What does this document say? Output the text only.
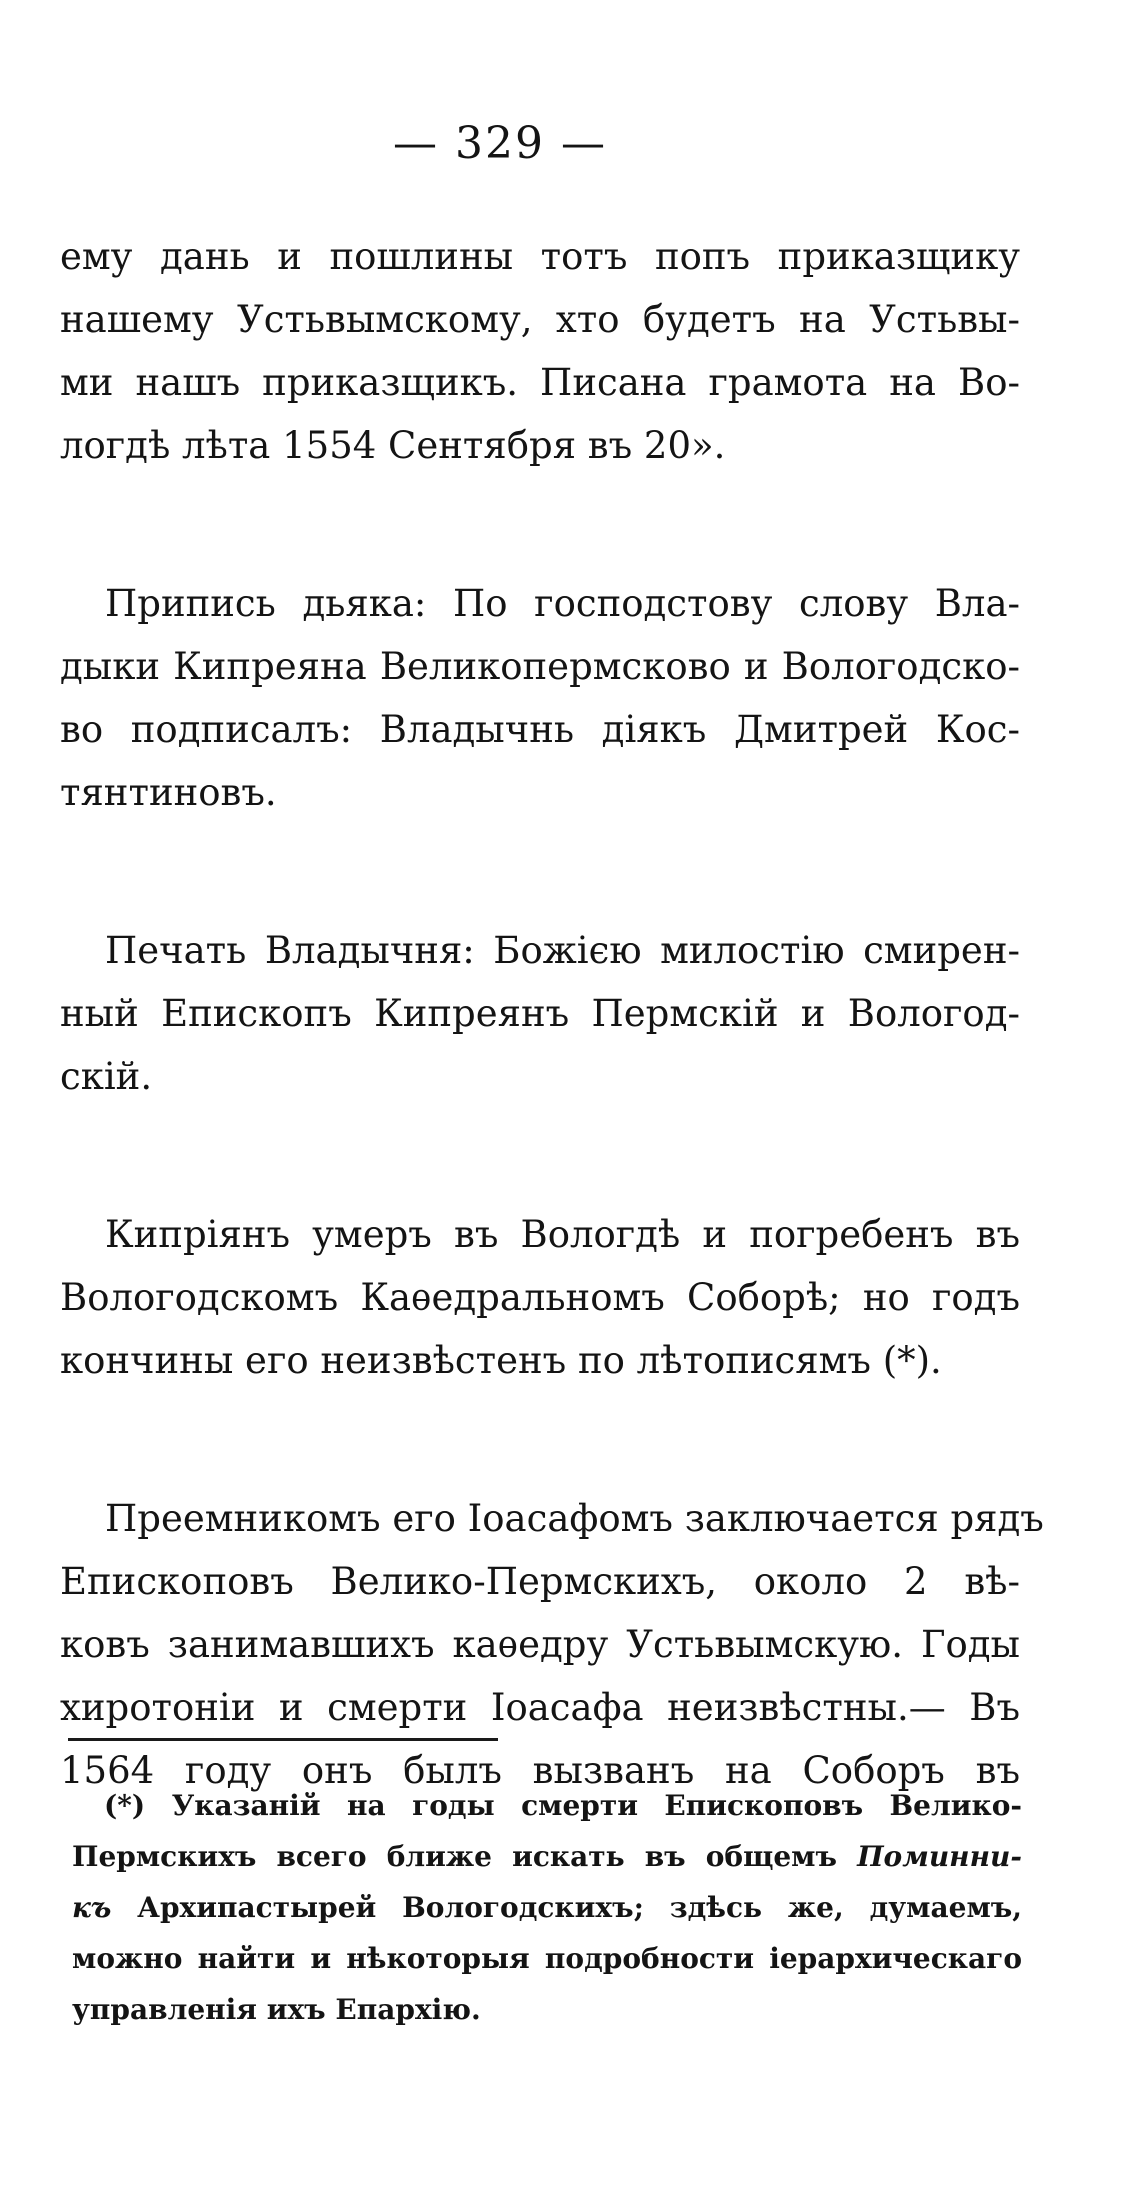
— 329 —

ему дань и пошлины тотъ попъ приказщику
нашему Устьвымскому, хто будетъ на Устьвы-
ми нашъ приказщикъ. Писана грамота на Во-
логдѣ лѣта 1554 Сентября въ 20».

Припись дьяка: По господстову слову Вла-
дыки Кипреяна Великопермсково и Вологодско-
во подписалъ: Владычнь діякъ Дмитрей Кос-
тянтиновъ.

Печать Владычня: Божією милостію смирен-
ный Епископъ Кипреянъ Пермскій и Вологод-
скій.

Кипріянъ умеръ въ Вологдѣ и погребенъ въ
Вологодскомъ Каѳедральномъ Соборѣ; но годъ
кончины его неизвѣстенъ по лѣтописямъ (*).

Преемникомъ его Іоасафомъ заключается рядъ
Епископовъ Велико-Пермскихъ, около 2 вѣ-
ковъ занимавшихъ каѳедру Устьвымскую. Годы
хиротоніи и смерти Іоасафа неизвѣстны.— Въ
1564 году онъ былъ вызванъ на Соборъ въ

(*) Указаній на годы смерти Епископовъ Велико-
Пермскихъ всего ближе искать въ общемъ Поминни-
къ Архипастырей Вологодскихъ; здѣсь же, думаемъ,
можно найти и нѣкоторыя подробности іерархическаго
управленія ихъ Епархію.
